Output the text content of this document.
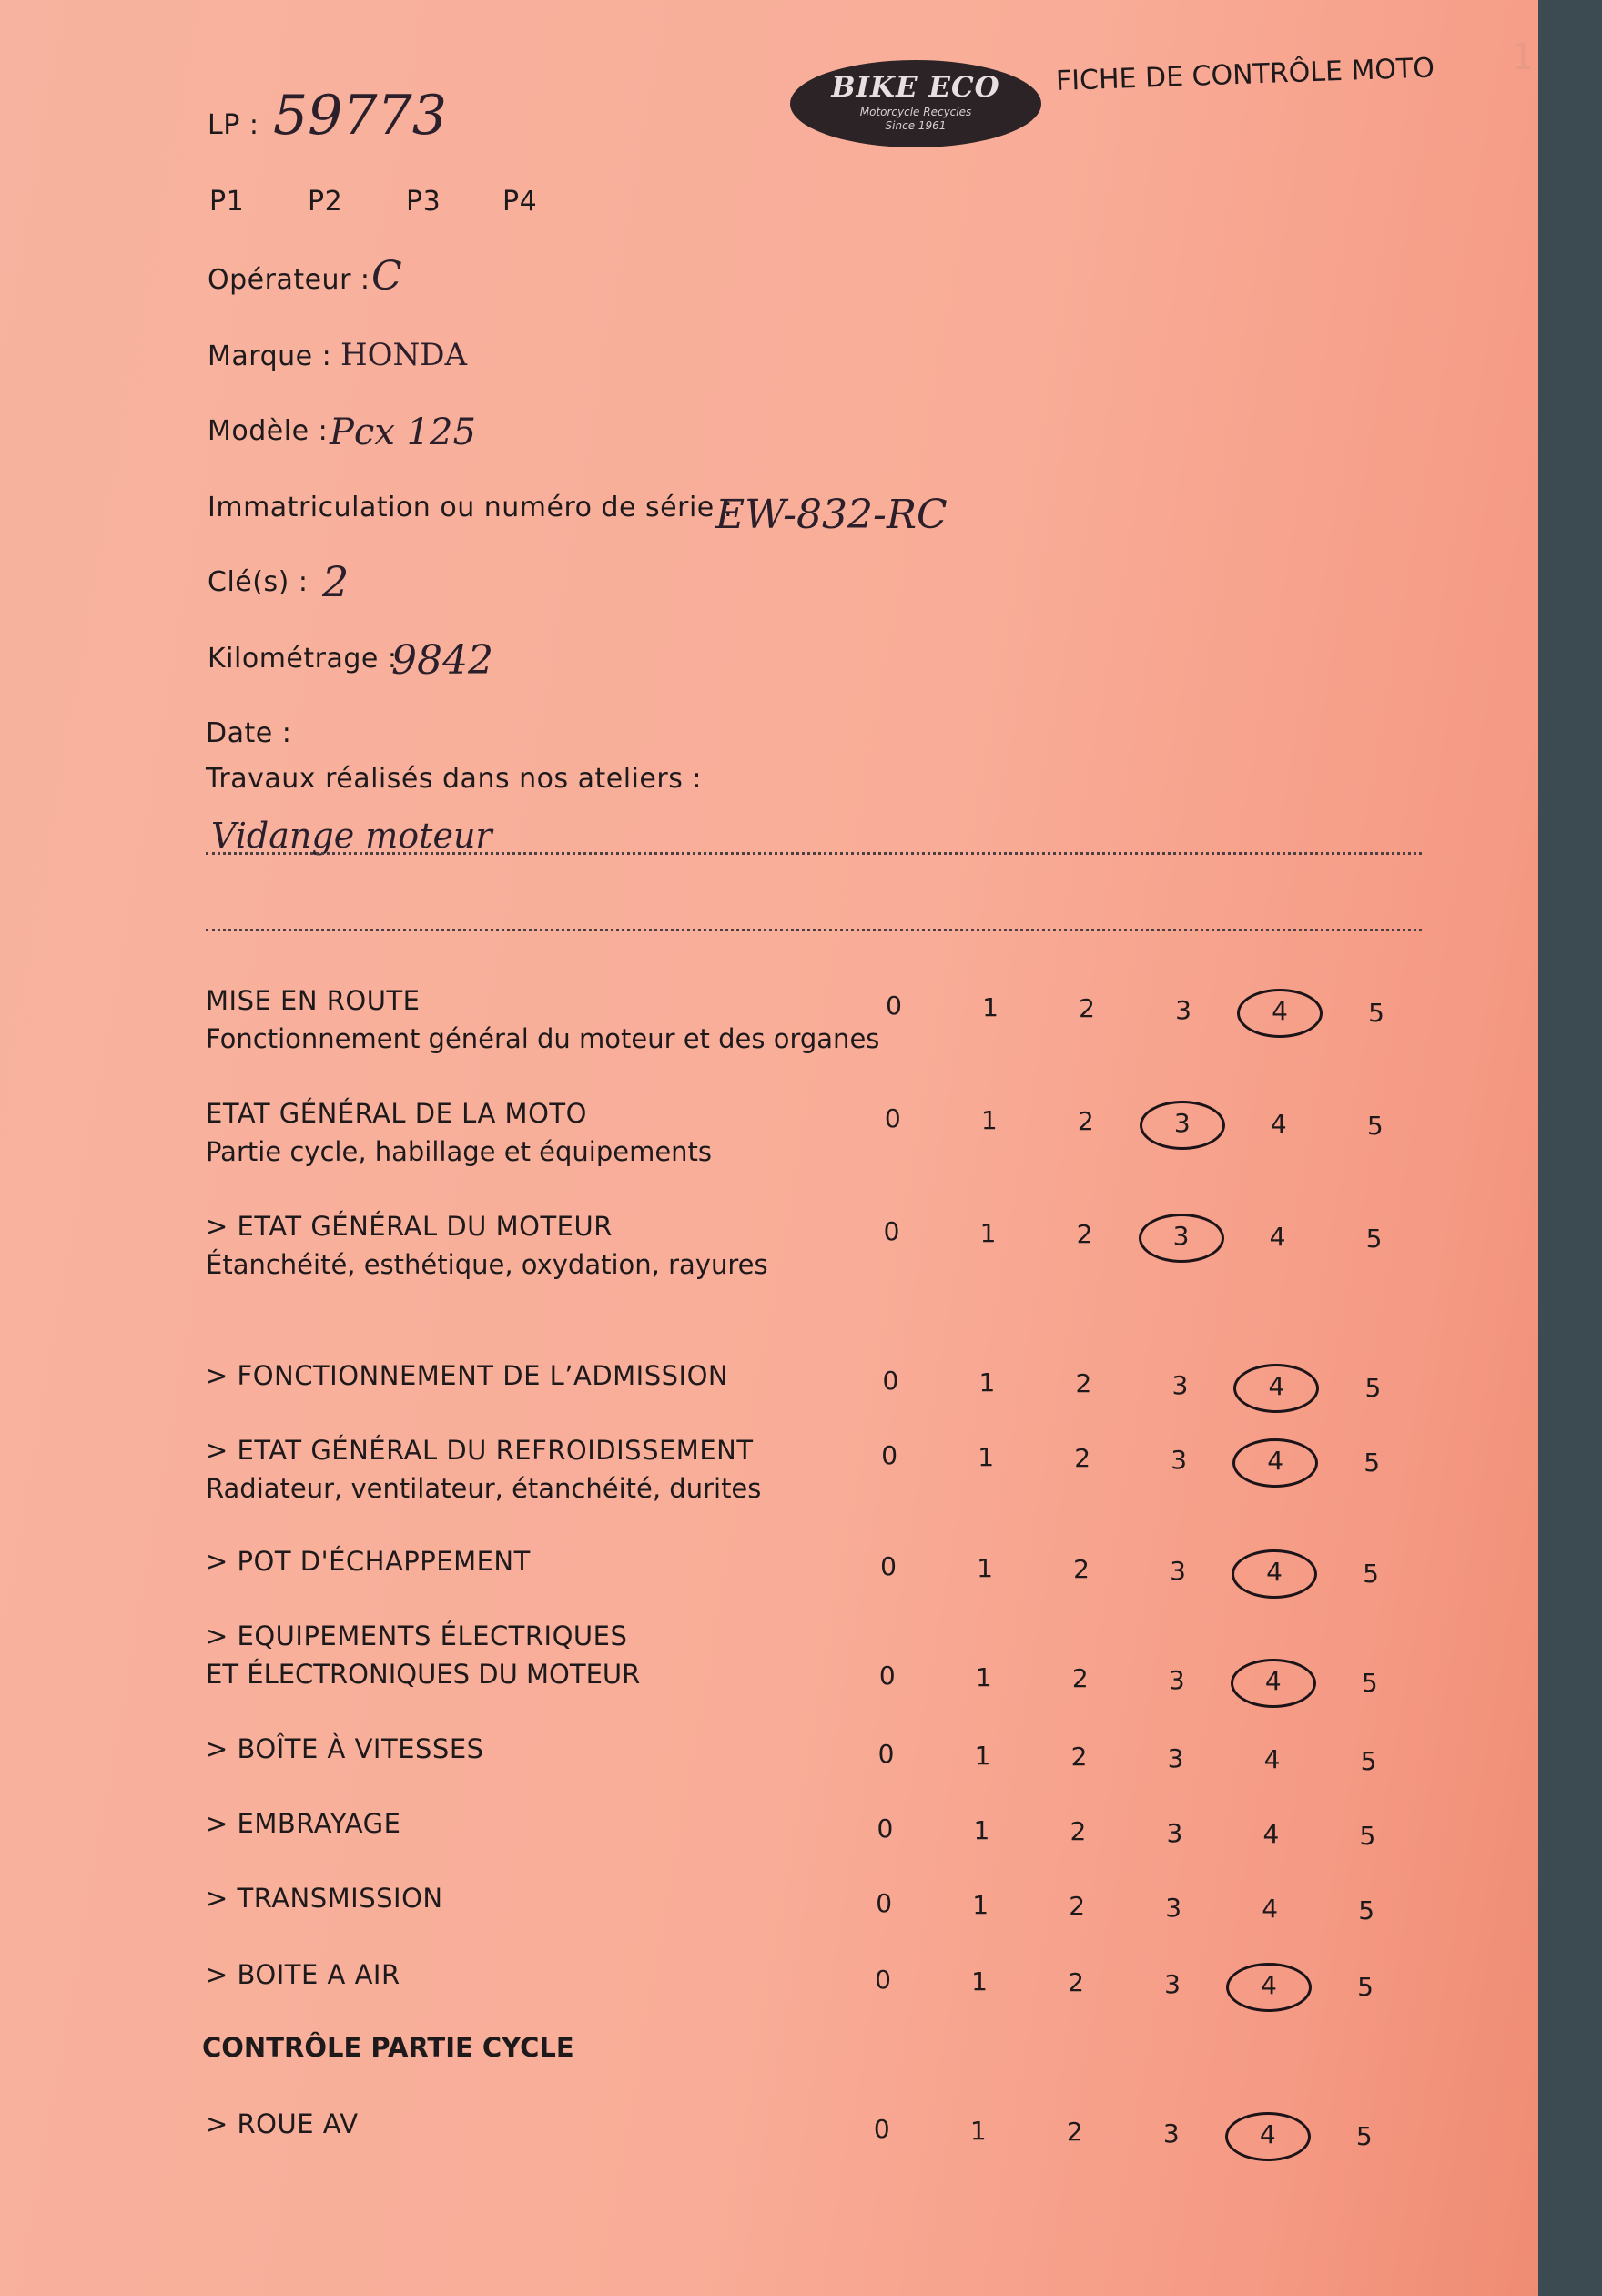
1
LP : 59773	BIKE ECO
Motorcycle Recycles
Since 1961
FICHE DE CONTRÔLE MOTO
P1 P2 P3 P4
Opérateur : C
Marque : HONDA
Modèle : Pcx 125
Immatriculation ou numéro de série :
EW-832-RC
Clé(s) : 2
Kilométrage :
9842
Date :
Travaux réalisés dans nos ateliers :
Vidange moteur
MISE EN ROUTE
Fonctionnement général du moteur et des organes
0	1	2	3	4	5
ETAT GÉNÉRAL DE LA MOTO
Partie cycle, habillage et équipements
0	1	2	3	4	5
> ETAT GÉNÉRAL DU MOTEUR
Étanchéité, esthétique, oxydation, rayures
0	1	2	3	4	5
> FONCTIONNEMENT DE L’ADMISSION	0	1	2	3	4	5
> ETAT GÉNÉRAL DU REFROIDISSEMENT
Radiateur, ventilateur, étanchéité, durites
0	1	2	3	4	5
> POT D'ÉCHAPPEMENT	0	1	2	3	4	5
> EQUIPEMENTS ÉLECTRIQUES
ET ÉLECTRONIQUES DU MOTEUR	0	1	2	3	4	5
> BOÎTE À VITESSES	0	1	2	3	4	5
> EMBRAYAGE	0	1	2	3	4	5
> TRANSMISSION	0	1	2	3	4	5
> BOITE A AIR	0	1	2	3	4	5
> ROUE AV	0	1	2	3	4	5
CONTRÔLE PARTIE CYCLE
